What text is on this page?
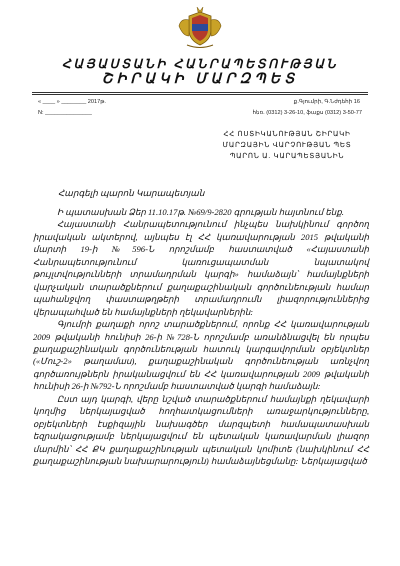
ՀԱՅԱՍՏԱՆԻ ՀԱՆՐԱՊԵՏՈՒԹՅԱՆ
ՇԻՐԱԿԻ ՄԱՐԶՊԵՏ
« ____ » ________ 2017թ.
N: _______________
ք.Գյումրի, Գ.Նժդեհի 16
հեռ. (0312) 3-26-10, ֆաքս (0312) 3-50-77
ՀՀ ՈՍՏԻԿԱՆՈՒԹՅԱՆ ՇԻՐԱԿԻ
ՄԱՐԶԱՅԻՆ ՎԱՐՉՈՒԹՅԱՆ ՊԵՏ
ՊԱՐՈՆ Ա. ԿԱՐԱՊԵՏՅԱՆԻՆ
Հարգելի պարոն Կարապետյան

Ի պատասխան Ձեր 11.10.17թ. №69/9-2820 գրության հայտնում ենք.

Հայաստանի Հանրապետությունում ինչպես նախկինում գործող իրավական ակտերով, այնպես էլ ՀՀ կառավարության 2015 թվականի մարտի 19-ի №596-Ն որոշմամբ հաստատված «Հայաստանի Հանրապետությունում կառուցապատման նպատակով թույլտվությունների տրամադրման կարգի» համաձայն՝ համայնքների վարչական տարածքներում քաղաքաշինական գործունեության համար պահանջվող փաստաթղթերի տրամադրումն լիազորություններից վերապահված են համայնքների ղեկավարներին:

Գյումրի քաղաքի որոշ տարածքներում, որոնք ՀՀ կառավարության 2009 թվականի հունիսի 26-ի №728-Ն որոշմամբ առանձնացվել են որպես քաղաքաշինական գործունեության հատուկ կարգավորման օբյեկտներ («Մուշ-2» թաղամաս), քաղաքաշինական գործունեության առնչվող գործառույթներն իրականացվում են ՀՀ կառավարության 2009 թվականի հունիսի 26-ի №792-Ն որոշմամբ հաստատված կարգի համաձայն:

Ըստ այդ կարգի, վերը նշված տարածքներում համայնքի ղեկավարի կողմից ներկայացված հողհատկացումների առաջարկությունները, օբյեկտների էսքիզային նախագծեր մարզպետի համապատասխան եզրակացությամբ ներկայացվում են պետական կառավարման լիազոր մարմին՝ ՀՀ ՔԿ քաղաքաշինության պետական կոմիտե (նախկինում ՀՀ քաղաքաշինության նախարարություն) համաձայնեցմանը: Ներկայացված
